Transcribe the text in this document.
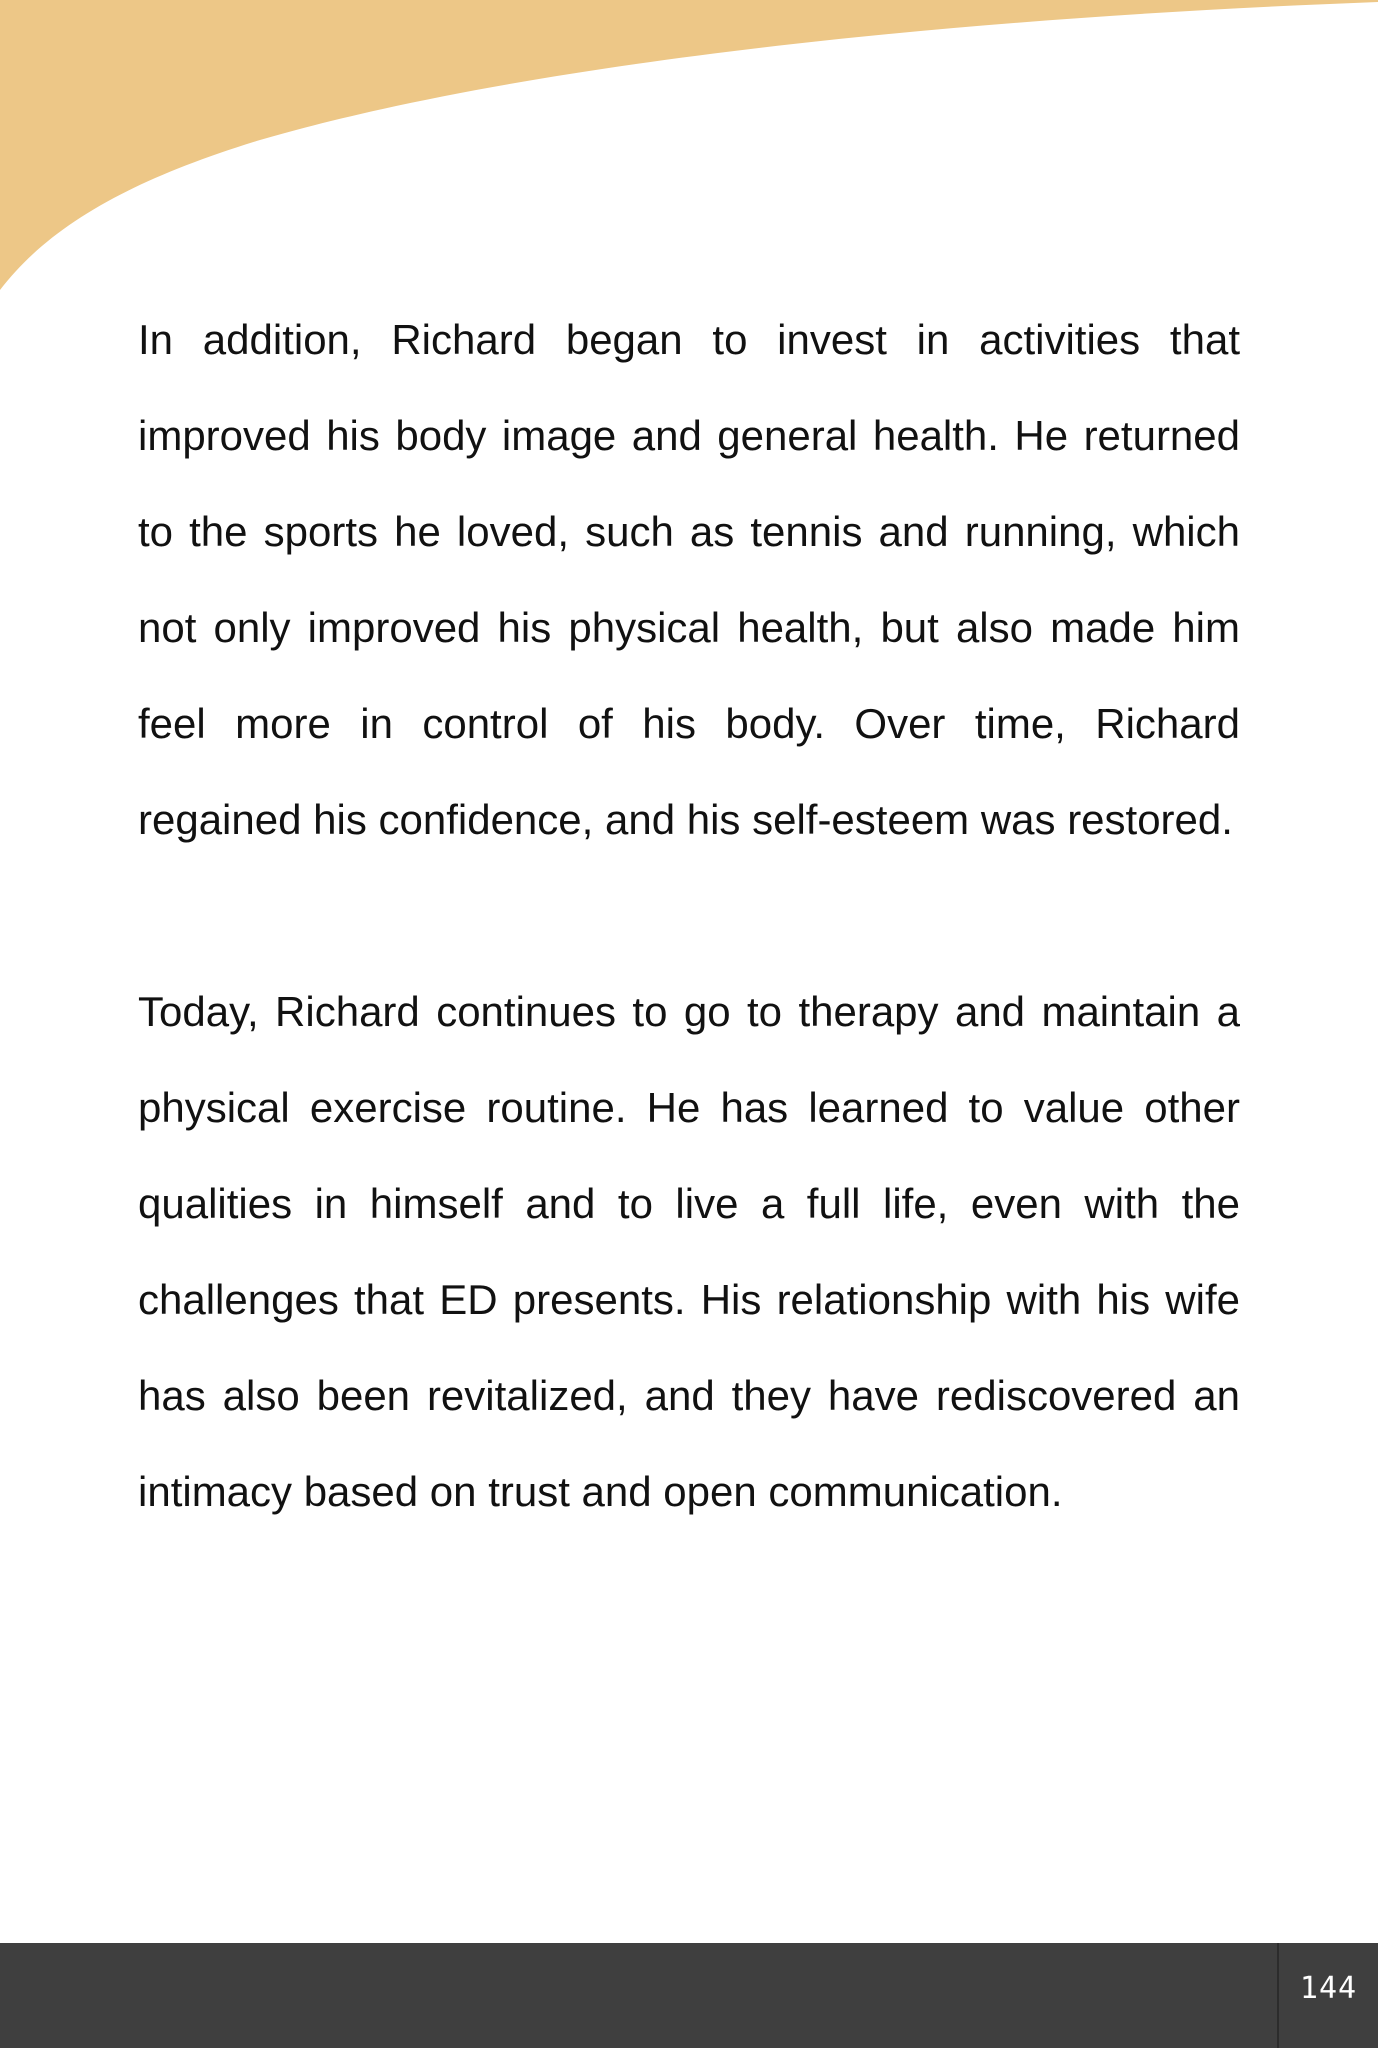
In addition, Richard began to invest in activities that improved his body image and general health. He returned to the sports he loved, such as tennis and running, which not only improved his physical health, but also made him feel more in control of his body. Over time, Richard regained his confidence, and his self-esteem was restored.

Today, Richard continues to go to therapy and maintain a physical exercise routine. He has learned to value other qualities in himself and to live a full life, even with the challenges that ED presents. His relationship with his wife has also been revitalized, and they have rediscovered an intimacy based on trust and open communication.

144
